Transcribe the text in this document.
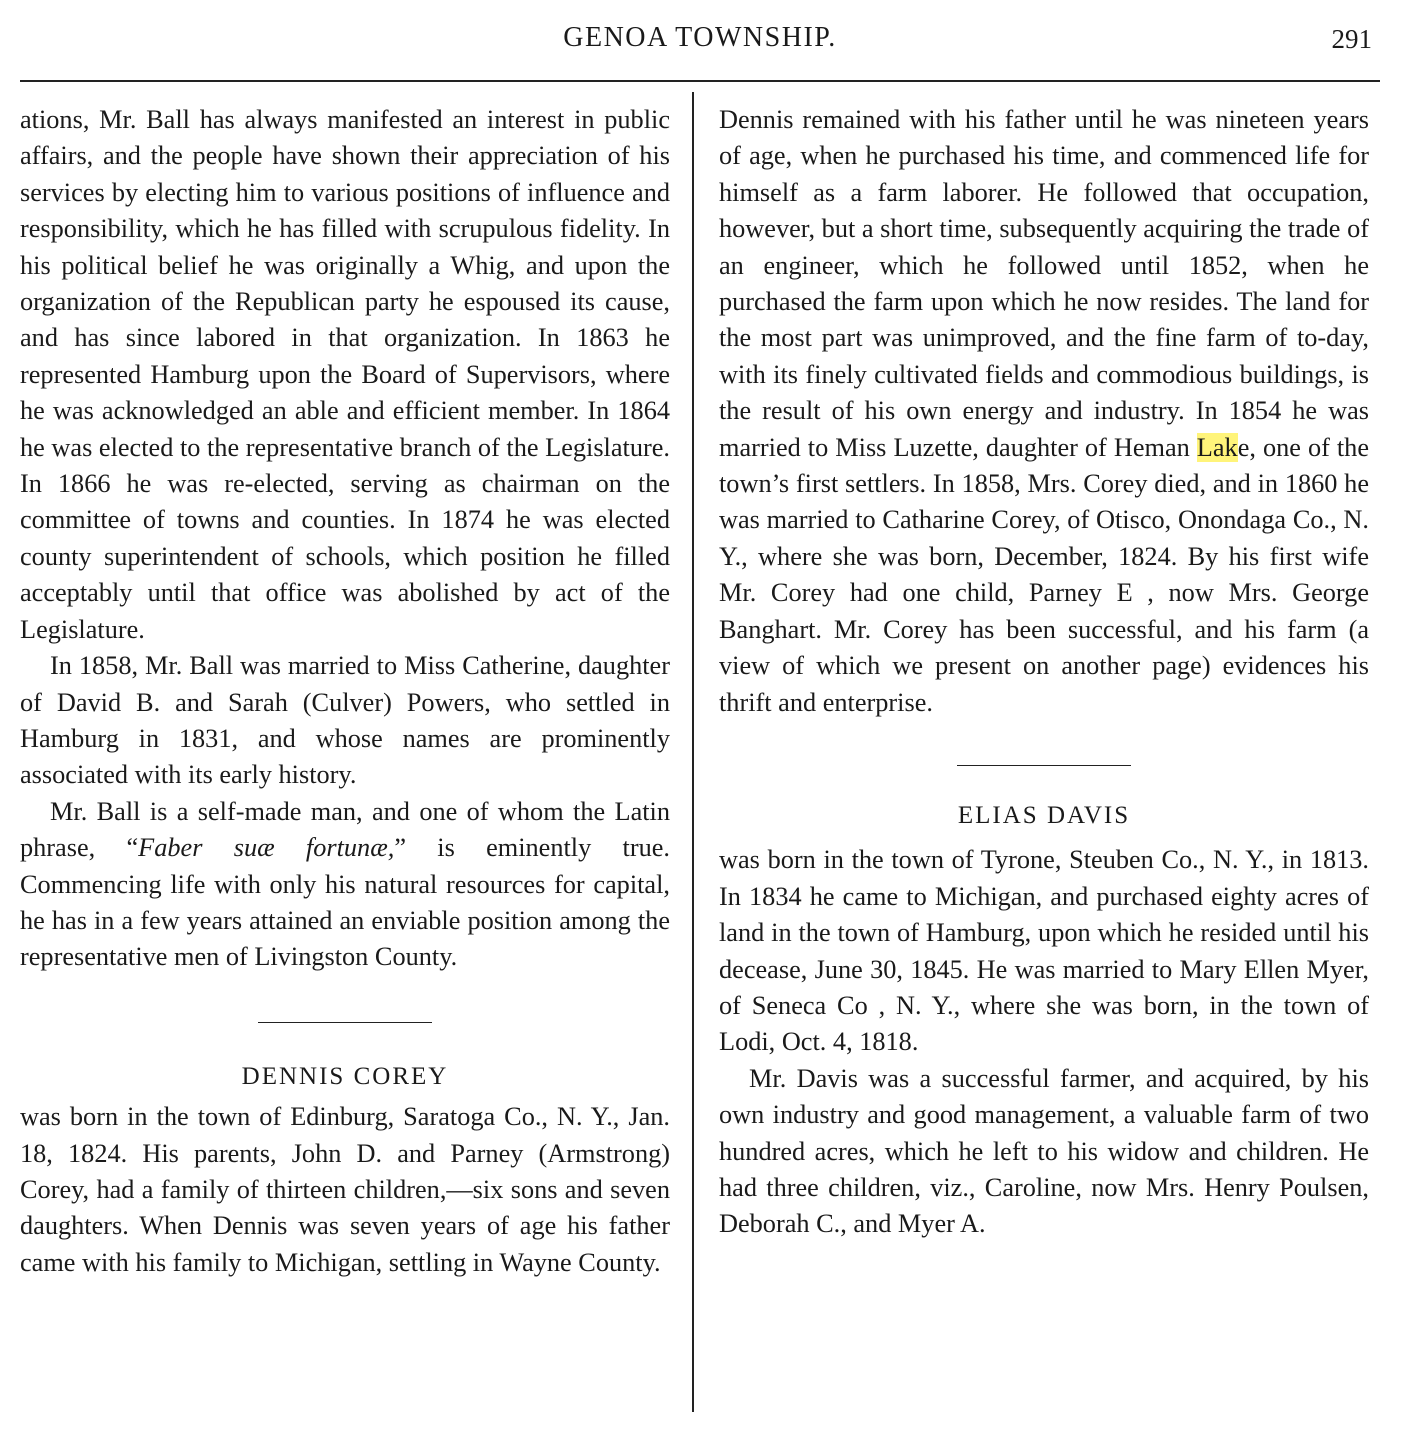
GENOA TOWNSHIP.	291

ations, Mr. Ball has always manifested an interest in public affairs, and the people have shown their appreciation of his services by electing him to various positions of influence and responsibility, which he has filled with scrupulous fidelity. In his political belief he was originally a Whig, and upon the organization of the Republican party he espoused its cause, and has since labored in that organization. In 1863 he represented Hamburg upon the Board of Supervisors, where he was acknowledged an able and efficient member. In 1864 he was elected to the representative branch of the Legislature. In 1866 he was re-elected, serving as chairman on the committee of towns and counties. In 1874 he was elected county superintendent of schools, which position he filled acceptably until that office was abolished by act of the Legislature.

In 1858, Mr. Ball was married to Miss Catherine, daughter of David B. and Sarah (Culver) Powers, who settled in Hamburg in 1831, and whose names are prominently associated with its early history.

Mr. Ball is a self-made man, and one of whom the Latin phrase, “Faber suæ fortunæ,” is eminently true. Commencing life with only his natural resources for capital, he has in a few years attained an enviable position among the representative men of Livingston County.

DENNIS COREY

was born in the town of Edinburg, Saratoga Co., N. Y., Jan. 18, 1824. His parents, John D. and Parney (Armstrong) Corey, had a family of thirteen children,—six sons and seven daughters. When Dennis was seven years of age his father came with his family to Michigan, settling in Wayne County.

Dennis remained with his father until he was nineteen years of age, when he purchased his time, and commenced life for himself as a farm laborer. He followed that occupation, however, but a short time, subsequently acquiring the trade of an engineer, which he followed until 1852, when he purchased the farm upon which he now resides. The land for the most part was unimproved, and the fine farm of to-day, with its finely cultivated fields and commodious buildings, is the result of his own energy and industry. In 1854 he was married to Miss Luzette, daughter of Heman Lake, one of the town’s first settlers. In 1858, Mrs. Corey died, and in 1860 he was married to Catharine Corey, of Otisco, Onondaga Co., N. Y., where she was born, December, 1824. By his first wife Mr. Corey had one child, Parney E , now Mrs. George Banghart. Mr. Corey has been successful, and his farm (a view of which we present on another page) evidences his thrift and enterprise.

ELIAS DAVIS

was born in the town of Tyrone, Steuben Co., N. Y., in 1813. In 1834 he came to Michigan, and purchased eighty acres of land in the town of Hamburg, upon which he resided until his decease, June 30, 1845. He was married to Mary Ellen Myer, of Seneca Co , N. Y., where she was born, in the town of Lodi, Oct. 4, 1818.

Mr. Davis was a successful farmer, and acquired, by his own industry and good management, a valuable farm of two hundred acres, which he left to his widow and children. He had three children, viz., Caroline, now Mrs. Henry Poulsen, Deborah C., and Myer A.
